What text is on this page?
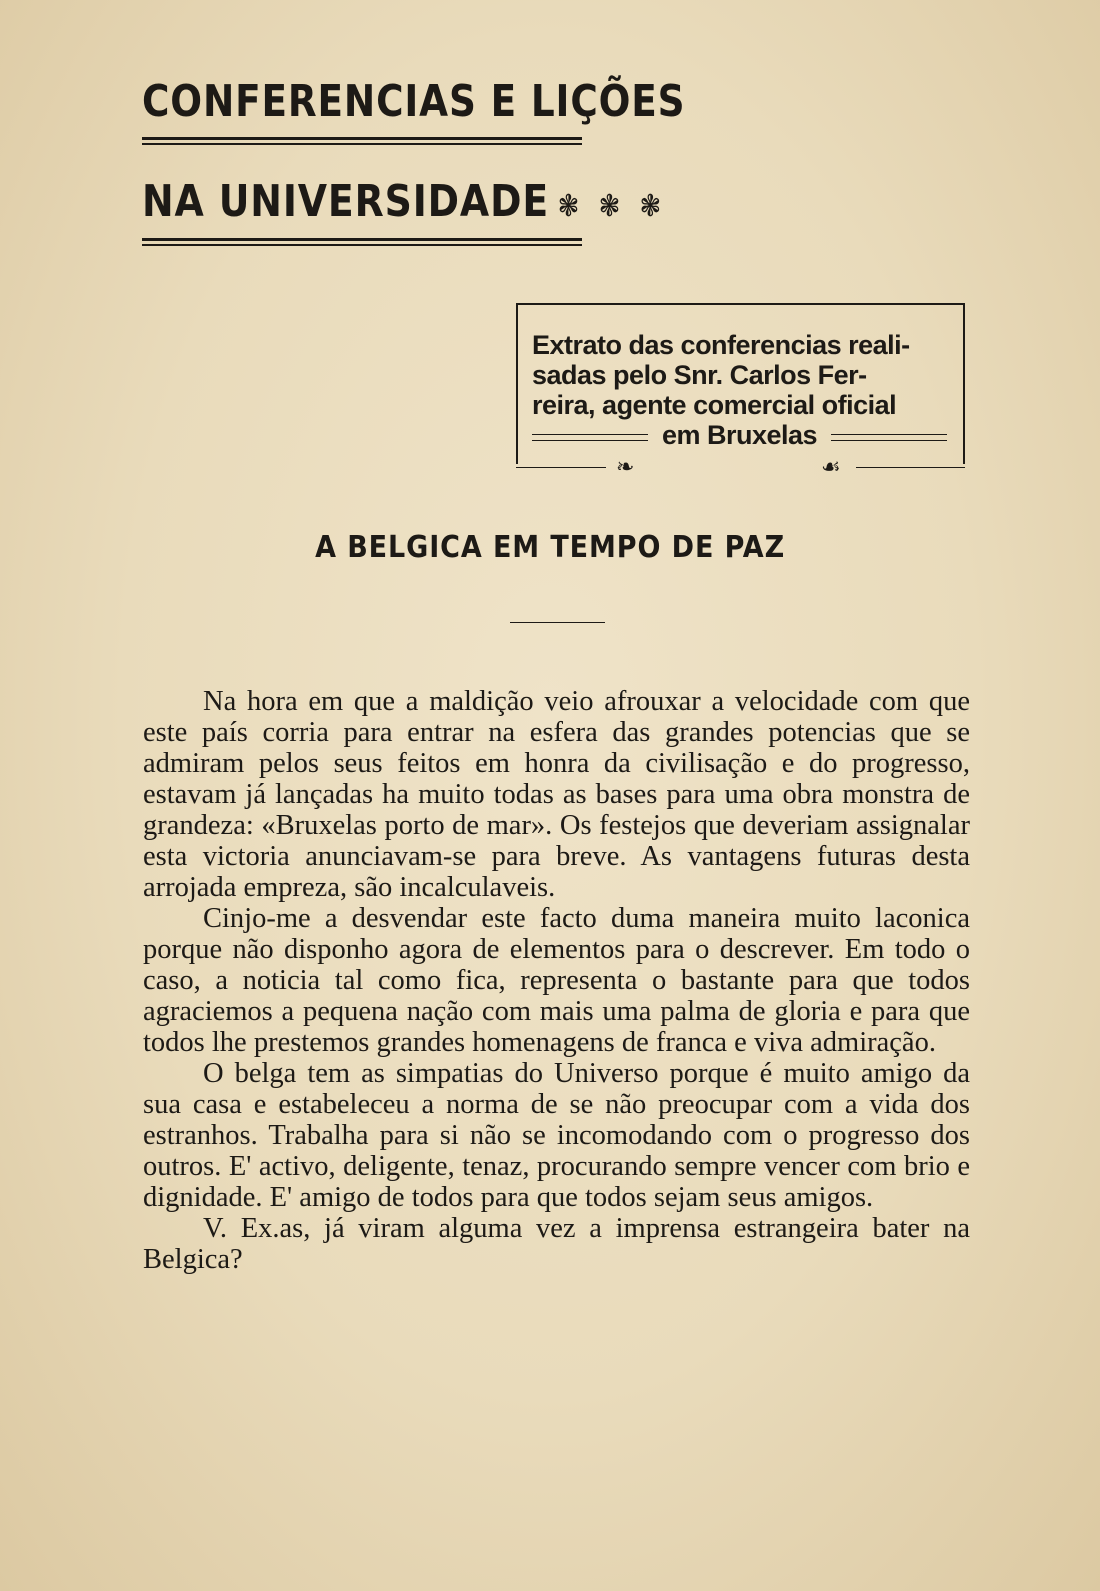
CONFERENCIAS E LIÇÕES
NA UNIVERSIDADE ❃ ❃ ❃
Extrato das conferencias reali-
sadas pelo Snr. Carlos Fer-
reira, agente comercial oficial
em Bruxelas
❧	☙
A BELGICA EM TEMPO DE PAZ

Na hora em que a maldição veio afrouxar a velocidade com que este país corria para entrar na esfera das grandes potencias que se admiram pelos seus feitos em honra da civilisação e do progresso, estavam já lançadas ha muito todas as bases para uma obra monstra de grandeza: «Bruxelas porto de mar». Os festejos que deveriam assignalar esta victoria anunciavam-se para breve. As vantagens futuras desta arrojada empreza, são incalculaveis.

Cinjo-me a desvendar este facto duma maneira muito laconica porque não disponho agora de elementos para o descrever. Em todo o caso, a noticia tal como fica, representa o bastante para que todos agraciemos a pequena nação com mais uma palma de gloria e para que todos lhe prestemos grandes homenagens de franca e viva admiração.

O belga tem as simpatias do Universo porque é muito amigo da sua casa e estabeleceu a norma de se não preocupar com a vida dos estranhos. Trabalha para si não se incomodando com o progresso dos outros. E' activo, deligente, tenaz, procurando sempre vencer com brio e dignidade. E' amigo de todos para que todos sejam seus amigos.

V. Ex.as, já viram alguma vez a imprensa estrangeira bater na Belgica?
